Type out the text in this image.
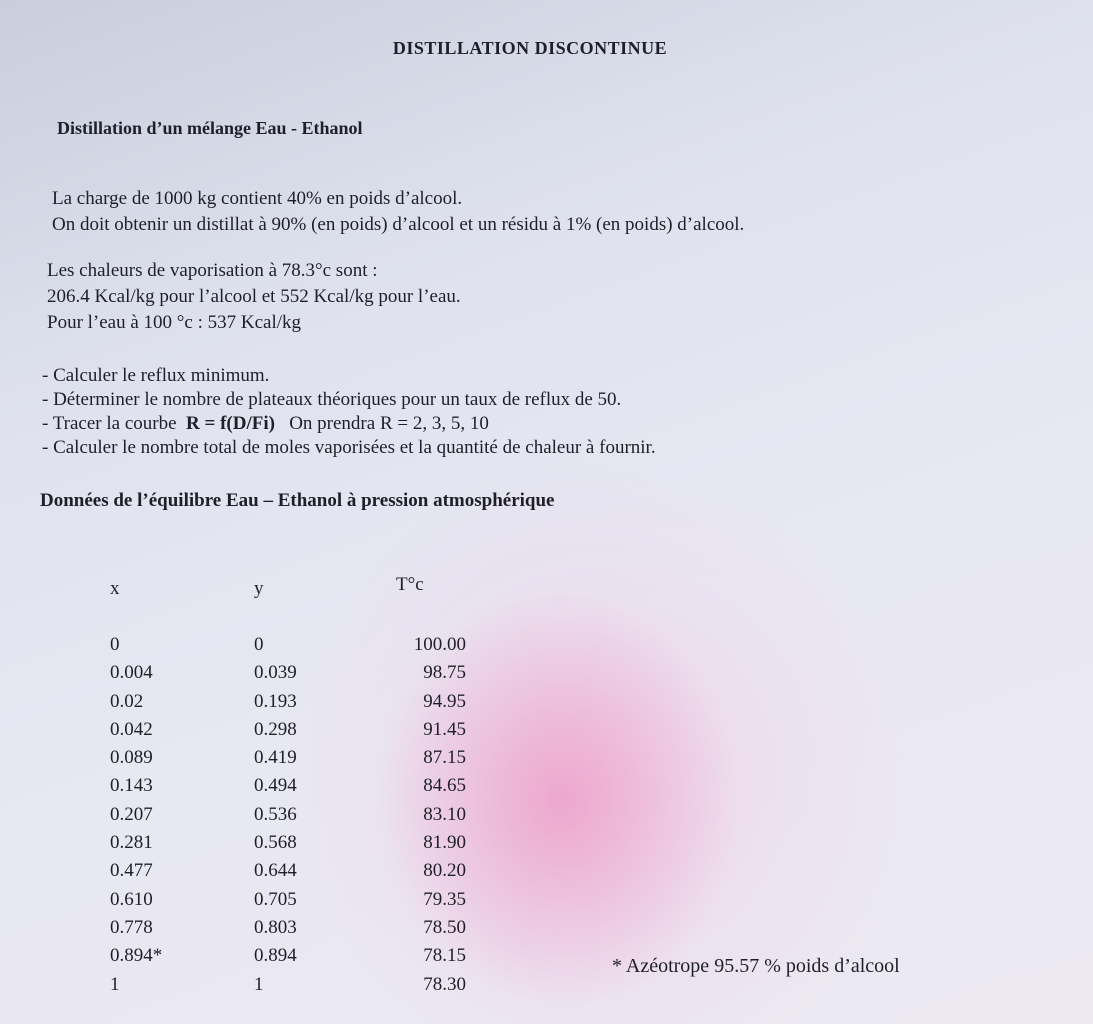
DISTILLATION DISCONTINUE
Distillation d’un mélange Eau - Ethanol
La charge de 1000 kg contient 40% en poids d’alcool.
On doit obtenir un distillat à 90% (en poids) d’alcool et un résidu à 1% (en poids) d’alcool.
Les chaleurs de vaporisation à 78.3°c sont :
206.4 Kcal/kg pour l’alcool et 552 Kcal/kg pour l’eau.
Pour l’eau à 100 °c : 537 Kcal/kg
- Calculer le reflux minimum.
- Déterminer le nombre de plateaux théoriques pour un taux de reflux de 50.
- Tracer la courbe R = f(D/Fi) On prendra R = 2, 3, 5, 10
- Calculer le nombre total de moles vaporisées et la quantité de chaleur à fournir.
Données de l’équilibre Eau – Ethanol à pression atmosphérique
x
0
0.004
0.02
0.042
0.089
0.143
0.207
0.281
0.477
0.610
0.778
0.894*
1
y
0
0.039
0.193
0.298
0.419
0.494
0.536
0.568
0.644
0.705
0.803
0.894
1
T°c
100.00
98.75
94.95
91.45
87.15
84.65
83.10
81.90
80.20
79.35
78.50
78.15
78.30
* Azéotrope 95.57 % poids d’alcool
